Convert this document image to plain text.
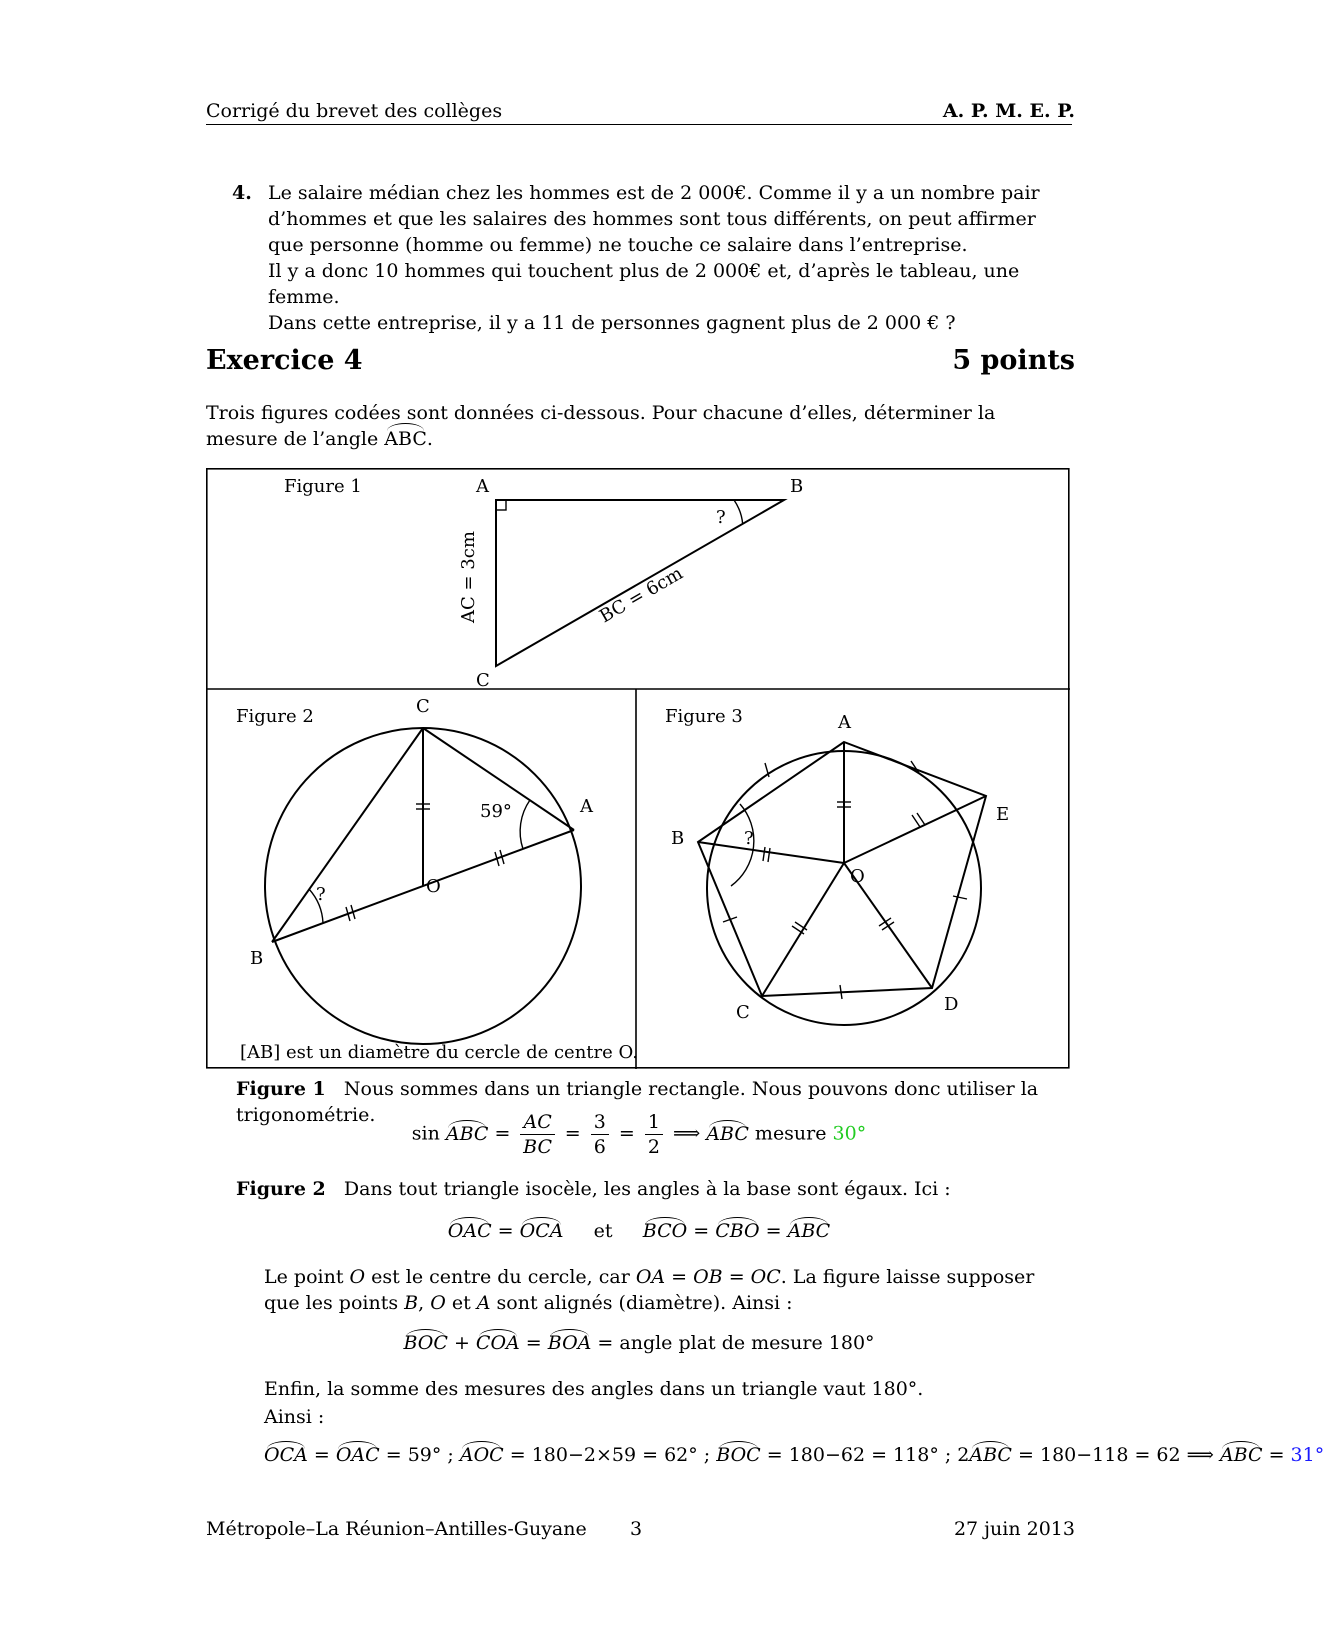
Corrigé du brevet des collèges	A. P. M. E. P.
4. Le salaire médian chez les hommes est de 2 000€. Comme il y a un nombre pair d’hommes et que les salaires des hommes sont tous différents, on peut affirmer que personne (homme ou femme) ne touche ce salaire dans l’entreprise.

Il y a donc 10 hommes qui touchent plus de 2 000€ et, d’après le tableau, une femme.

Dans cette entreprise, il y a 11 de personnes gagnent plus de 2 000 € ?

Exercice 4	5 points
Trois figures codées sont données ci-dessous. Pour chacune d’elles, déterminer la mesure de l’angle ABC.
Figure 1
?
A	B
C
AC = 3cm	BC = 6cm
Figure 2
59°
?
C
A
B
O
[AB] est un diamètre du cercle de centre O.
Figure 3
?
A
E
B
O
C	D
Figure 1 Nous sommes dans un triangle rectangle. Nous pouvons donc utiliser la trigonométrie.
sin ABC = $\frac{AC}{BC} = \frac{3}{6} = \frac{1}{2}$ ⟹ ABC mesure 30°
Figure 2 Dans tout triangle isocèle, les angles à la base sont égaux. Ici :
OAC = OCA et BCO = CBO = ABC
Le point O est le centre du cercle, car OA = OB = OC. La figure laisse supposer que les points B, O et A sont alignés (diamètre). Ainsi :
BOC + COA = BOA = angle plat de mesure 180°
Enfin, la somme des mesures des angles dans un triangle vaut 180°.
Ainsi :
OCA = OAC = 59° ; AOC = 180−2×59 = 62° ; BOC = 180−62 = 118° ; 2ABC = 180−118 = 62 ⟹ ABC = 31°
Métropole–La Réunion–Antilles-Guyane 3	27 juin 2013
